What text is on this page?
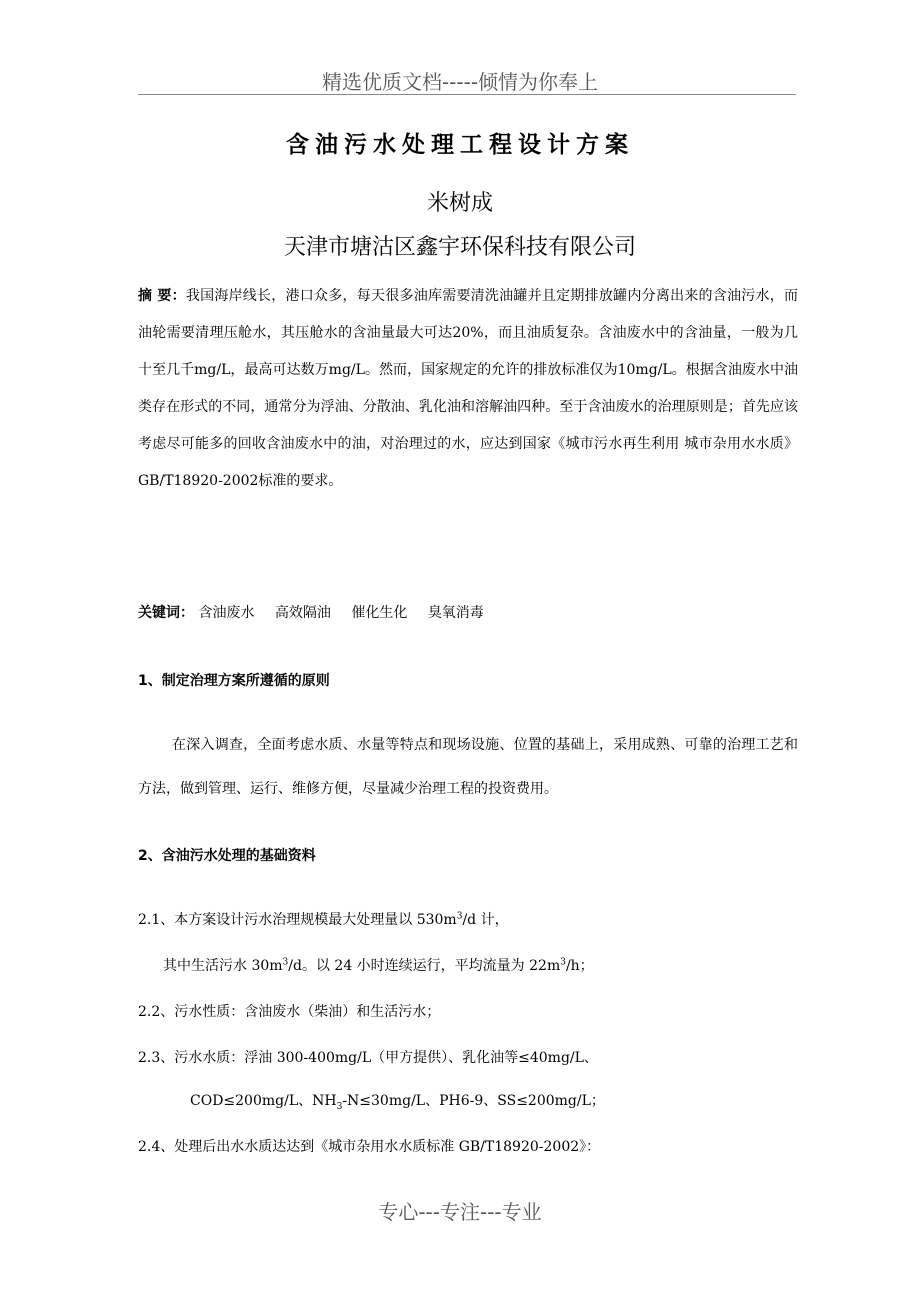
精选优质文档-----倾情为你奉上
含油污水处理工程设计方案
米树成
天津市塘沽区鑫宇环保科技有限公司
摘 要：我国海岸线长，港口众多，每天很多油库需要清洗油罐并且定期排放罐内分离出来的含油污水，而油轮需要清理压舱水，其压舱水的含油量最大可达20%，而且油质复杂。含油废水中的含油量，一般为几十至几千mg/L，最高可达数万mg/L。然而，国家规定的允许的排放标准仅为10mg/L。根据含油废水中油类存在形式的不同，通常分为浮油、分散油、乳化油和溶解油四种。至于含油废水的治理原则是；首先应该考虑尽可能多的回收含油废水中的油，对治理过的水，应达到国家《城市污水再生利用 城市杂用水水质》GB/T18920-2002标准的要求。
关键词： 含油废水 高效隔油 催化生化 臭氧消毒
1、制定治理方案所遵循的原则
在深入调查，全面考虑水质、水量等特点和现场设施、位置的基础上，采用成熟、可靠的治理工艺和方法，做到管理、运行、维修方便，尽量减少治理工程的投资费用。
2、含油污水处理的基础资料
2.1、本方案设计污水治理规模最大处理量以 $530m^3/d$ 计，
其中生活污水 $30m^3/d$。以 24 小时连续运行，平均流量为 $22m^3/h$；
2.2、污水性质：含油废水（柴油）和生活污水；
2.3、污水水质：浮油 300-400mg/L（甲方提供）、乳化油等≤40mg/L、
COD≤200mg/L、$NH_3-N\le 30mg/L$、PH6-9、SS≤200mg/L；
2.4、处理后出水水质达达到《城市杂用水水质标准 GB/T18920-2002》：
专心---专注---专业
